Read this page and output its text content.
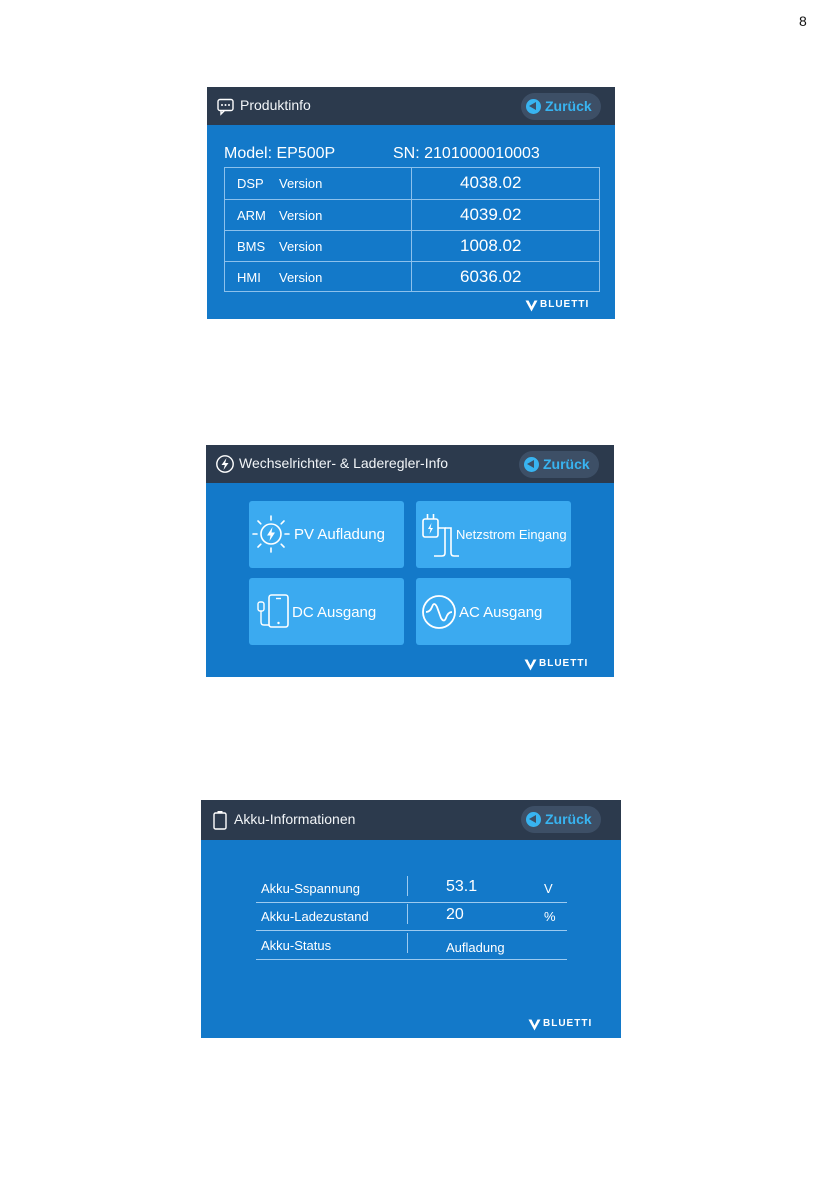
8
Produktinfo	Zurück
Model: EP500P	SN: 2101000010003
DSP Version	4038.02
ARM Version	4039.02
BMS Version	1008.02
HMI Version	6036.02
BLUETTI
Wechselrichter- & Laderegler-Info	Zurück
PV Aufladung	Netzstrom Eingang
DC Ausgang	AC Ausgang
BLUETTI
Akku-Informationen	Zurück
Akku-Sspannung	53.1	V
Akku-Ladezustand	20	%
Akku-Status	Aufladung
BLUETTI
